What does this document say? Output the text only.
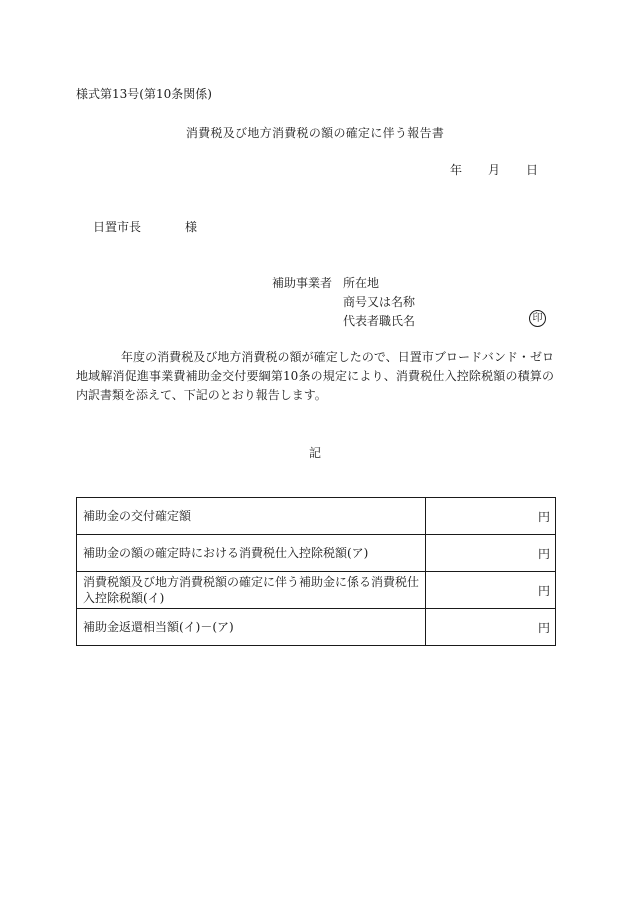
様式第13号(第10条関係)
消費税及び地方消費税の額の確定に伴う報告書
年 月 日
日置市長	様
補助事業者 所在地
商号又は名称
代表者職氏名	印
年度の消費税及び地方消費税の額が確定したので、日置市ブロードバンド・ゼロ地域解消促進事業費補助金交付要綱第10条の規定により、消費税仕入控除税額の積算の内訳書類を添えて、下記のとおり報告します。
記
補助金の交付確定額	円
補助金の額の確定時における消費税仕入控除税額(ア)	円
消費税額及び地方消費税額の確定に伴う補助金に係る消費税仕入控除税額(イ)	円
補助金返還相当額(イ)－(ア)	円
